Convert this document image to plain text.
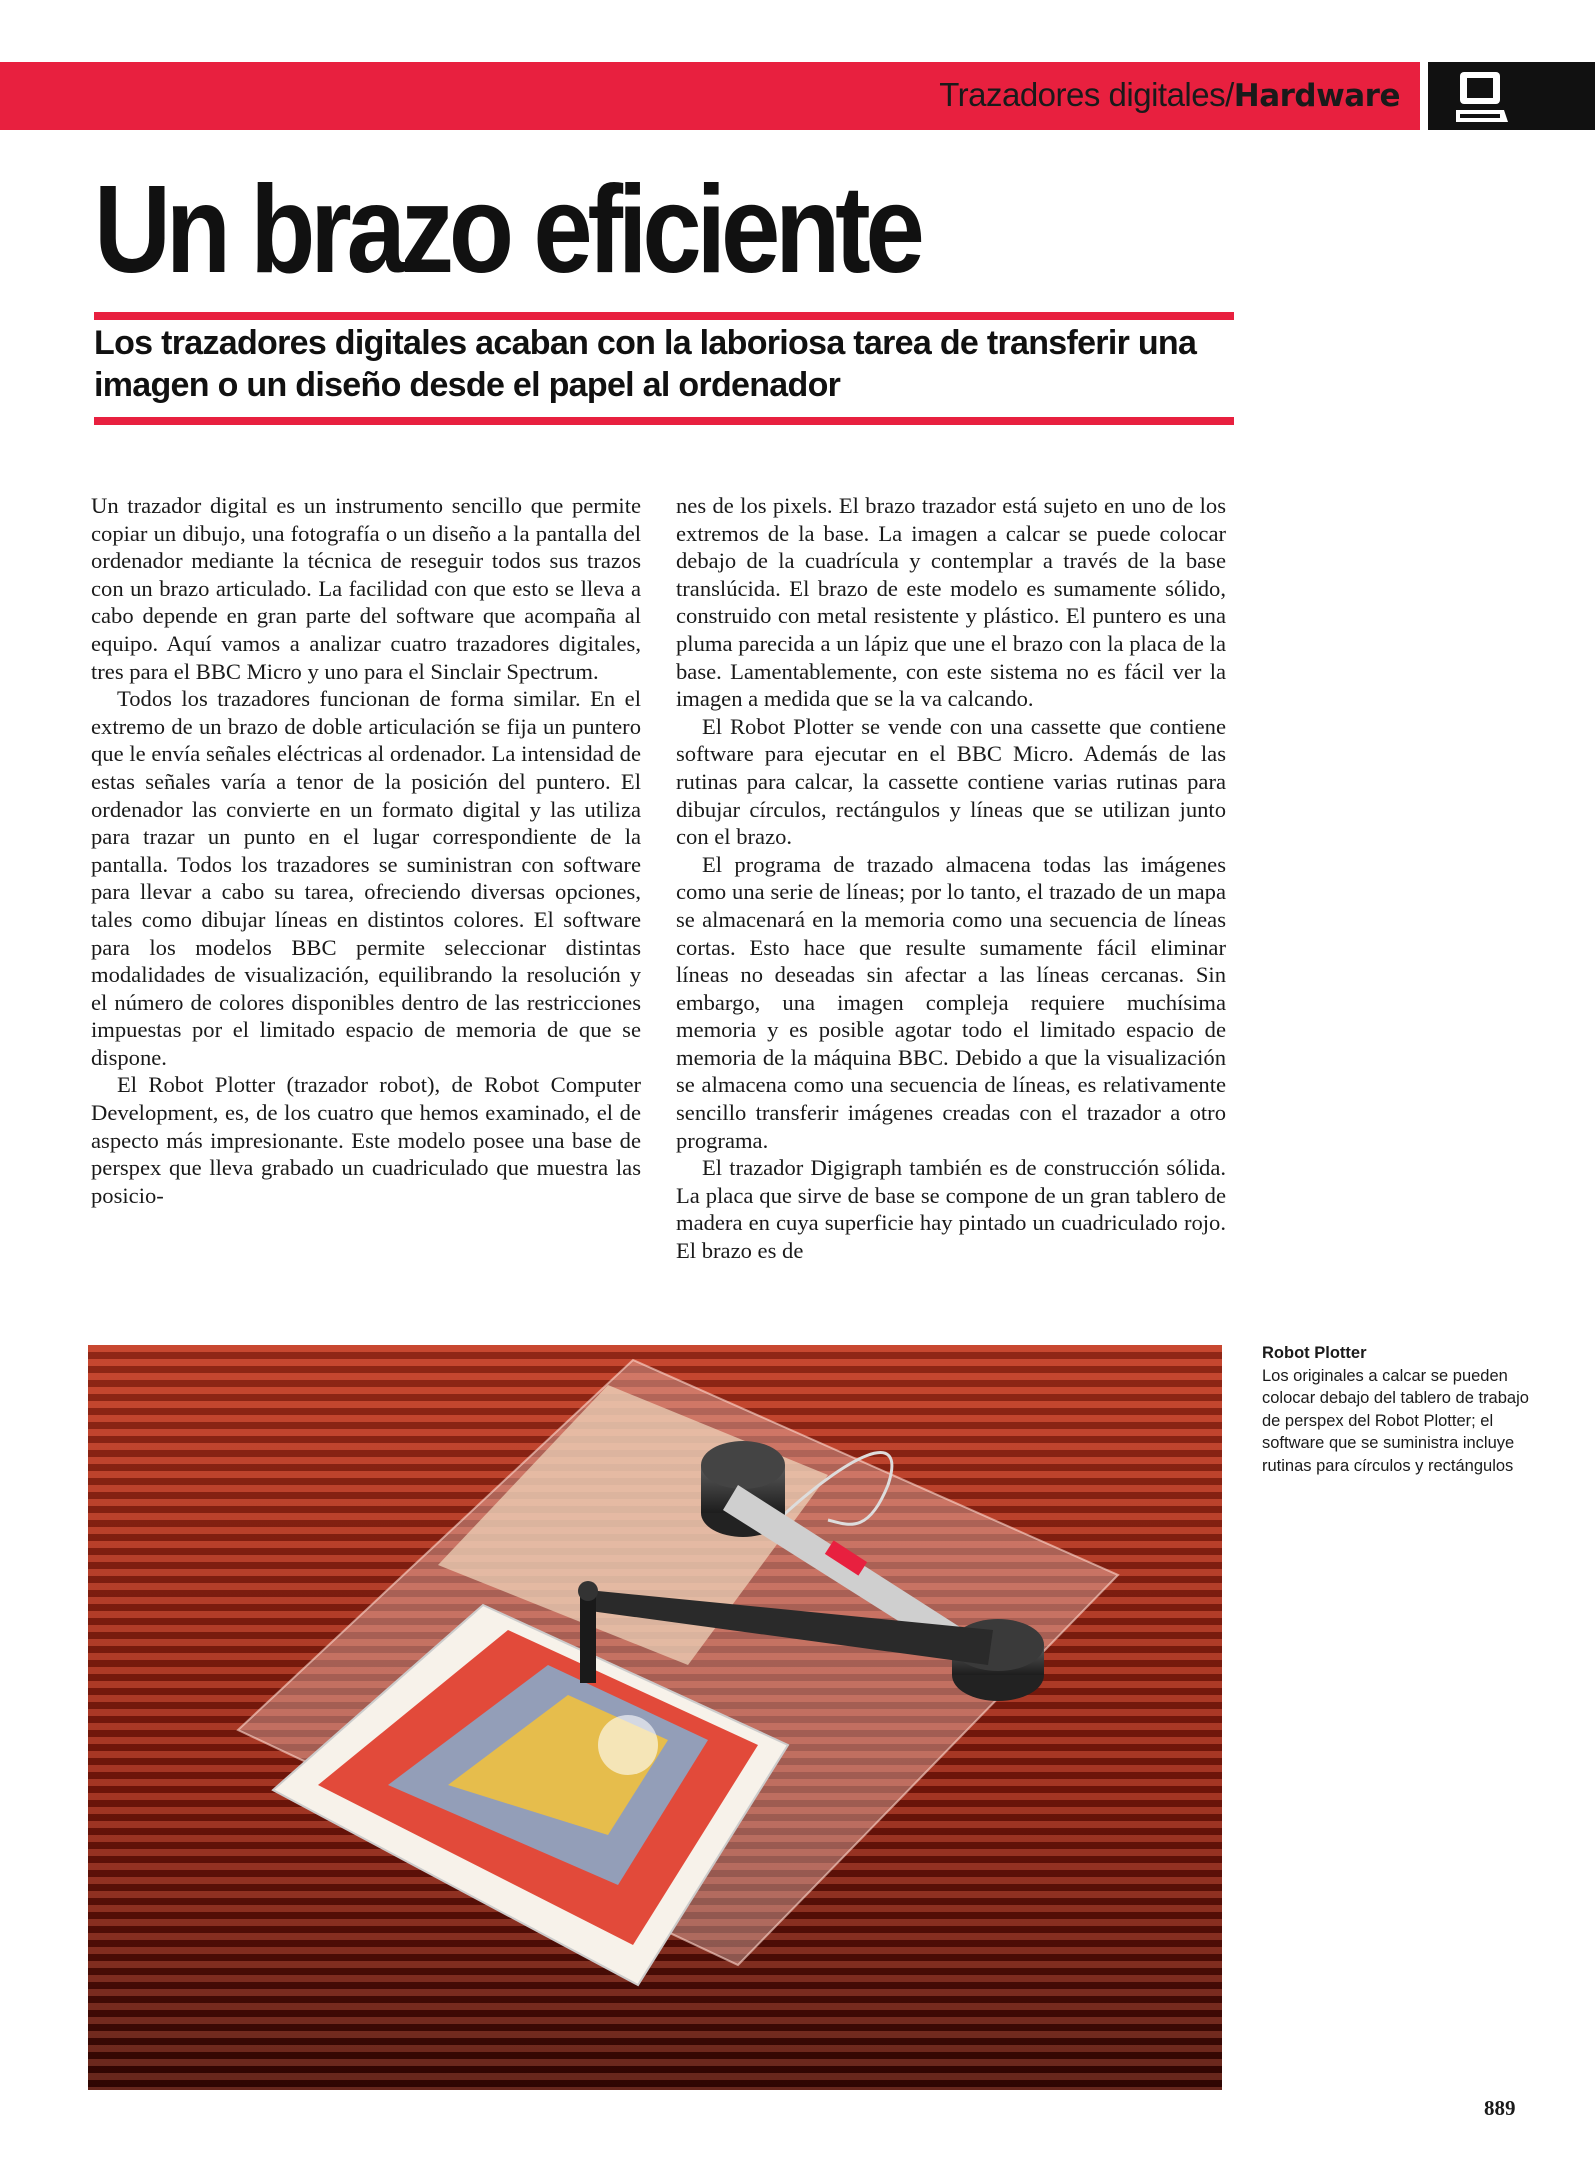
Trazadores digitales/Hardware
Un brazo eficiente

Los trazadores digitales acaban con la laboriosa tarea de transferir una imagen o un diseño desde el papel al ordenador

Un trazador digital es un instrumento sencillo que permite copiar un dibujo, una fotografía o un diseño a la pantalla del ordenador mediante la técnica de reseguir todos sus trazos con un brazo articulado. La facilidad con que esto se lleva a cabo depende en gran parte del software que acompaña al equipo. Aquí vamos a analizar cuatro trazadores digitales, tres para el BBC Micro y uno para el Sinclair Spectrum.

Todos los trazadores funcionan de forma similar. En el extremo de un brazo de doble articulación se fija un puntero que le envía señales eléctricas al ordenador. La intensidad de estas señales varía a tenor de la posición del puntero. El ordenador las convierte en un formato digital y las utiliza para trazar un punto en el lugar correspondiente de la pantalla. Todos los trazadores se suministran con software para llevar a cabo su tarea, ofreciendo diversas opciones, tales como dibujar líneas en distintos colores. El software para los modelos BBC permite seleccionar distintas modalidades de visualización, equilibrando la resolución y el número de colores disponibles dentro de las restricciones impuestas por el limitado espacio de memoria de que se dispone.

El Robot Plotter (trazador robot), de Robot Computer Development, es, de los cuatro que hemos examinado, el de aspecto más impresionante. Este modelo posee una base de perspex que lleva grabado un cuadriculado que muestra las posicio-

nes de los pixels. El brazo trazador está sujeto en uno de los extremos de la base. La imagen a calcar se puede colocar debajo de la cuadrícula y contemplar a través de la base translúcida. El brazo de este modelo es sumamente sólido, construido con metal resistente y plástico. El puntero es una pluma parecida a un lápiz que une el brazo con la placa de la base. Lamentablemente, con este sistema no es fácil ver la imagen a medida que se la va calcando.

El Robot Plotter se vende con una cassette que contiene software para ejecutar en el BBC Micro. Además de las rutinas para calcar, la cassette contiene varias rutinas para dibujar círculos, rectángulos y líneas que se utilizan junto con el brazo.

El programa de trazado almacena todas las imágenes como una serie de líneas; por lo tanto, el trazado de un mapa se almacenará en la memoria como una secuencia de líneas cortas. Esto hace que resulte sumamente fácil eliminar líneas no deseadas sin afectar a las líneas cercanas. Sin embargo, una imagen compleja requiere muchísima memoria y es posible agotar todo el limitado espacio de memoria de la máquina BBC. Debido a que la visualización se almacena como una secuencia de líneas, es relativamente sencillo transferir imágenes creadas con el trazador a otro programa.

El trazador Digigraph también es de construcción sólida. La placa que sirve de base se compone de un gran tablero de madera en cuya superficie hay pintado un cuadriculado rojo. El brazo es de

Robot Plotter
Los originales a calcar se pueden colocar debajo del tablero de trabajo de perspex del Robot Plotter; el software que se suministra incluye rutinas para círculos y rectángulos
889
